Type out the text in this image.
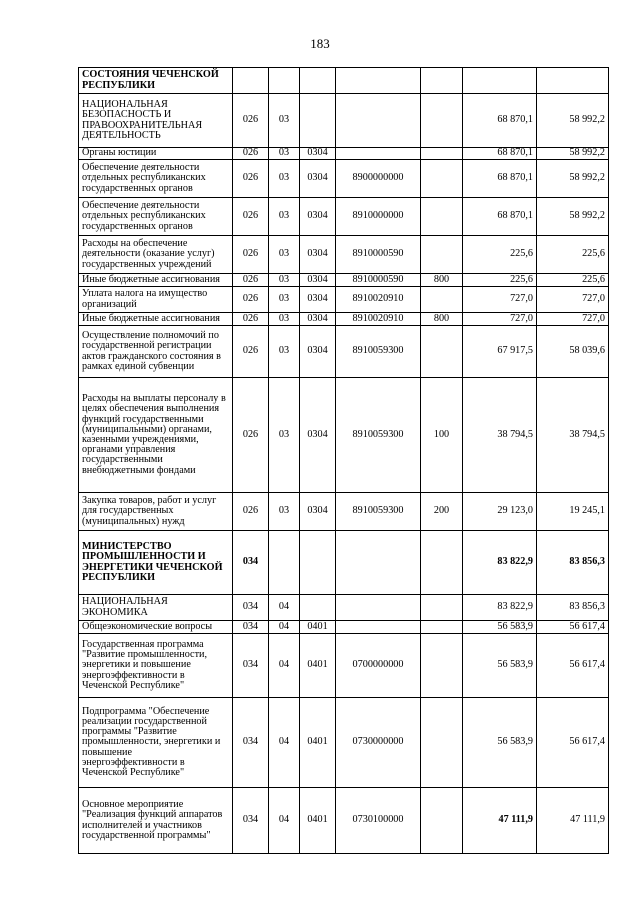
183
СОСТОЯНИЯ ЧЕЧЕНСКОЙ РЕСПУБЛИКИ							
НАЦИОНАЛЬНАЯ БЕЗОПАСНОСТЬ И ПРАВООХРАНИТЕЛЬНАЯ ДЕЯТЕЛЬНОСТЬ	026	03				68 870,1	58 992,2
Органы юстиции	026	03	0304			68 870,1	58 992,2
Обеспечение деятельности отдельных республиканских государственных органов	026	03	0304	8900000000		68 870,1	58 992,2
Обеспечение деятельности отдельных республиканских государственных органов	026	03	0304	8910000000		68 870,1	58 992,2
Расходы на обеспечение деятельности (оказание услуг) государственных учреждений	026	03	0304	8910000590		225,6	225,6
Иные бюджетные ассигнования	026	03	0304	8910000590	800	225,6	225,6
Уплата налога на имущество организаций	026	03	0304	8910020910		727,0	727,0
Иные бюджетные ассигнования	026	03	0304	8910020910	800	727,0	727,0
Осуществление полномочий по государственной регистрации актов гражданского состояния в рамках единой субвенции	026	03	0304	8910059300		67 917,5	58 039,6
Расходы на выплаты персоналу в целях обеспечения выполнения функций государственными (муниципальными) органами, казенными учреждениями, органами управления государственными внебюджетными фондами	026	03	0304	8910059300	100	38 794,5	38 794,5
Закупка товаров, работ и услуг для государственных (муниципальных) нужд	026	03	0304	8910059300	200	29 123,0	19 245,1
МИНИСТЕРСТВО ПРОМЫШЛЕННОСТИ И ЭНЕРГЕТИКИ ЧЕЧЕНСКОЙ РЕСПУБЛИКИ	034					83 822,9	83 856,3
НАЦИОНАЛЬНАЯ ЭКОНОМИКА	034	04				83 822,9	83 856,3
Общеэкономические вопросы	034	04	0401			56 583,9	56 617,4
Государственная программа "Развитие промышленности, энергетики и повышение энергоэффективности в Чеченской Республике"	034	04	0401	0700000000		56 583,9	56 617,4
Подпрограмма "Обеспечение реализации государственной программы "Развитие промышленности, энергетики и повышение энергоэффективности в Чеченской Республике"	034	04	0401	0730000000		56 583,9	56 617,4
Основное мероприятие "Реализация функций аппаратов исполнителей и участников государственной программы"	034	04	0401	0730100000		47 111,9	47 111,9
